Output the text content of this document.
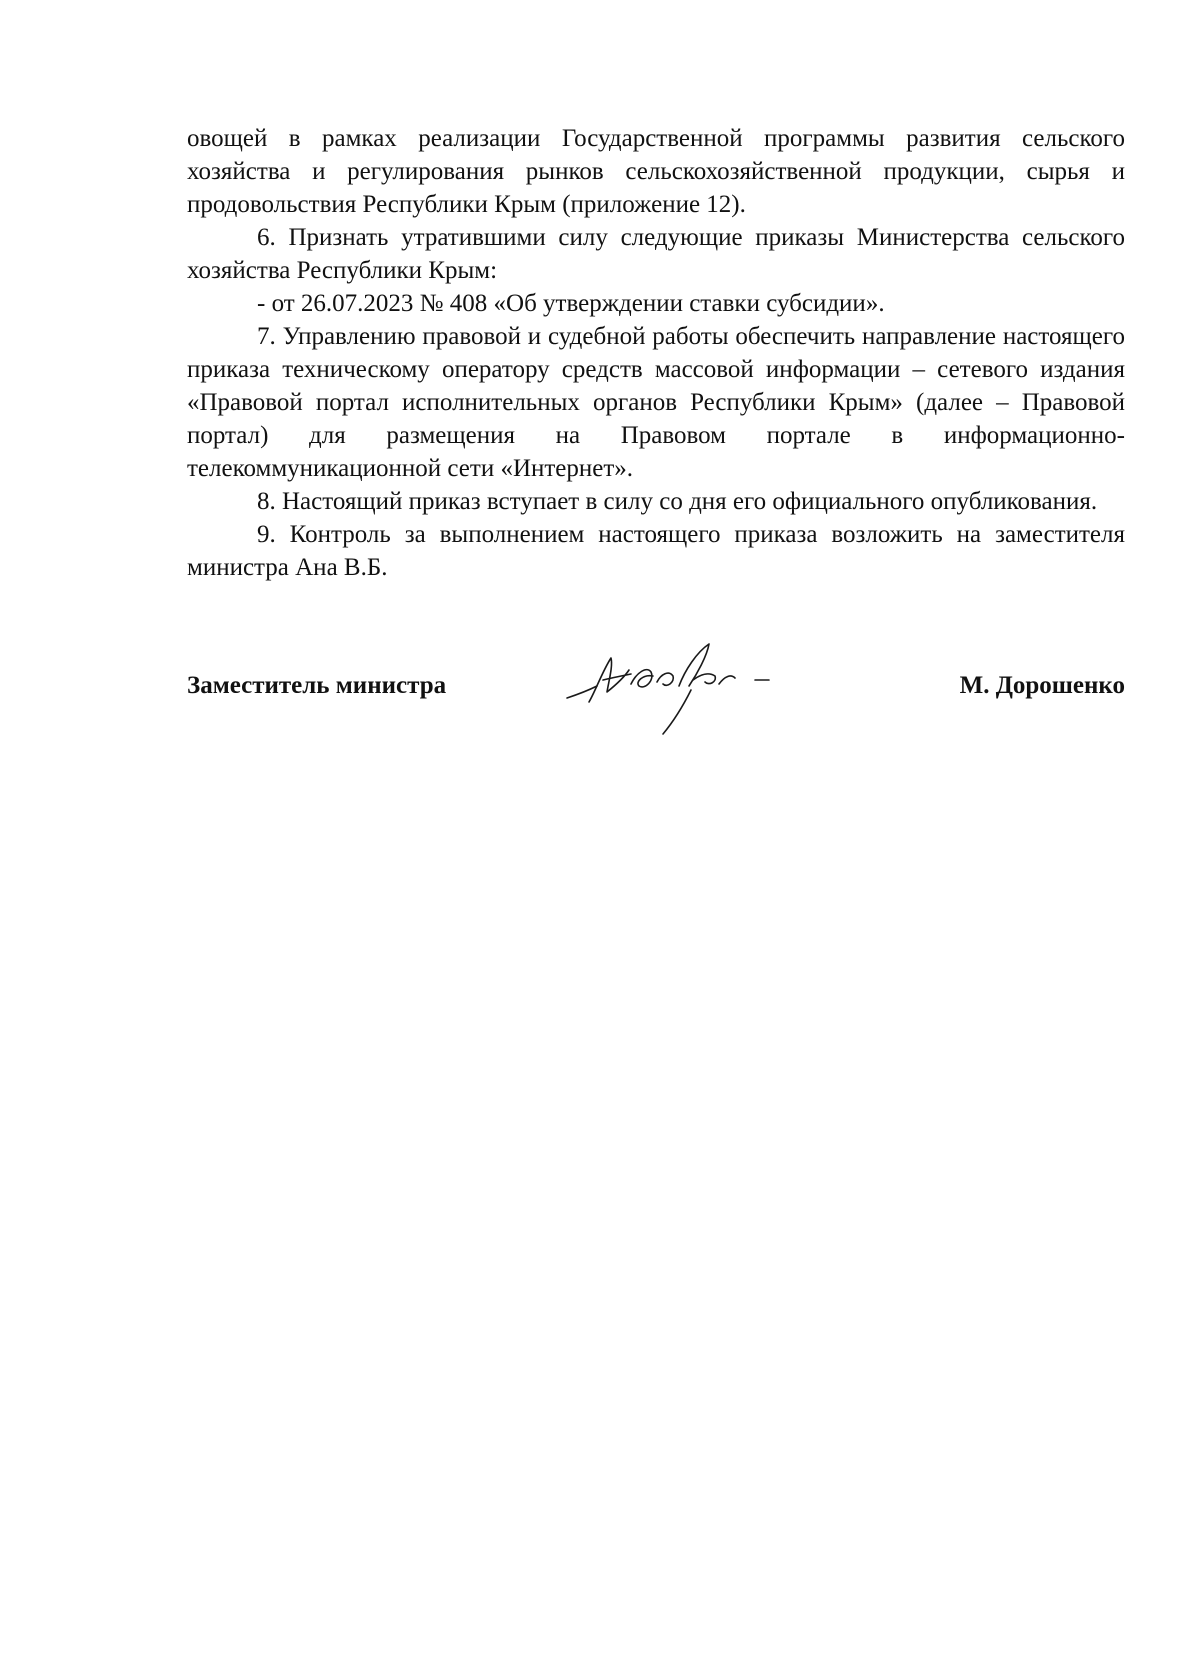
овощей в рамках реализации Государственной программы развития сельского хозяйства и регулирования рынков сельскохозяйственной продукции, сырья и продовольствия Республики Крым (приложение 12).

6. Признать утратившими силу следующие приказы Министерства сельского хозяйства Республики Крым:

- от 26.07.2023 № 408 «Об утверждении ставки субсидии».

7. Управлению правовой и судебной работы обеспечить направление настоящего приказа техническому оператору средств массовой информации – сетевого издания «Правовой портал исполнительных органов Республики Крым» (далее – Правовой портал) для размещения на Правовом портале в информационно-телекоммуникационной сети «Интернет».

8. Настоящий приказ вступает в силу со дня его официального опубликования.

9. Контроль за выполнением настоящего приказа возложить на заместителя министра Ана В.Б.

Заместитель министра	М. Дорошенко
